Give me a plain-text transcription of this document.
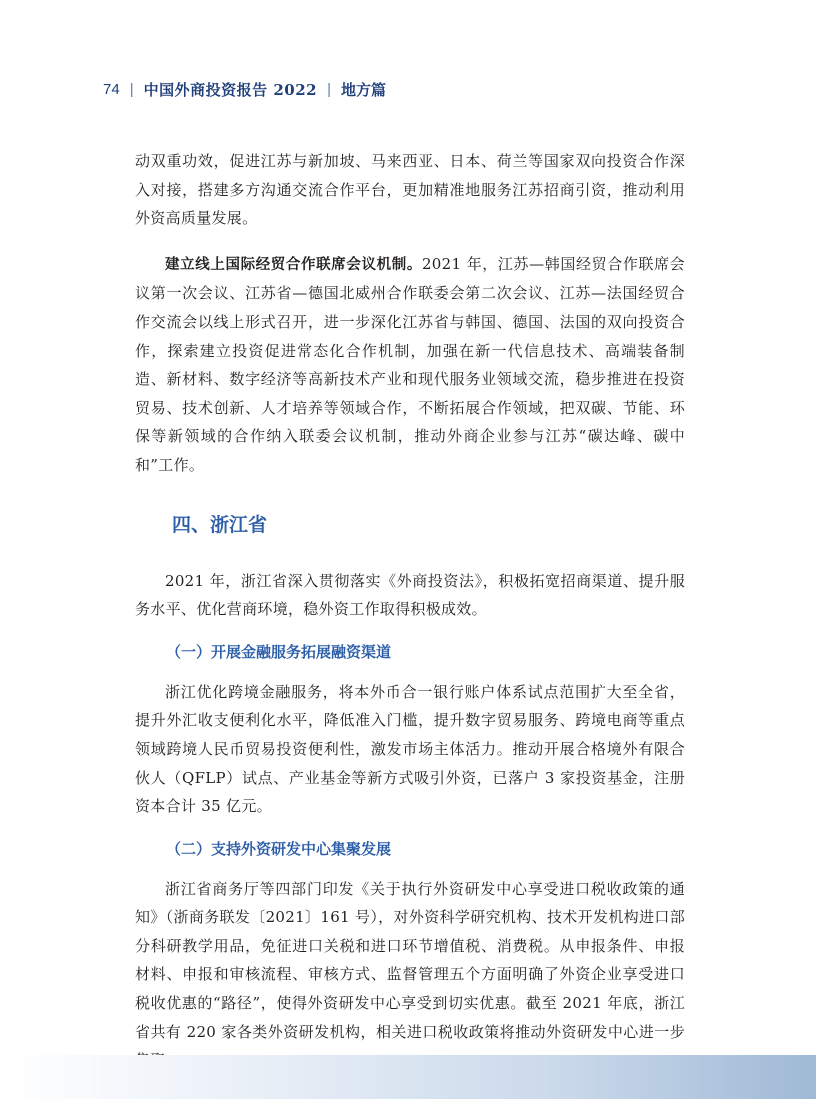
74 | 中国外商投资报告 2022 | 地方篇

动双重功效，促进江苏与新加坡、马来西亚、日本、荷兰等国家双向投资合作深入对接，搭建多方沟通交流合作平台，更加精准地服务江苏招商引资，推动利用外资高质量发展。

建立线上国际经贸合作联席会议机制。2021 年，江苏—韩国经贸合作联席会议第一次会议、江苏省—德国北威州合作联委会第二次会议、江苏—法国经贸合作交流会以线上形式召开，进一步深化江苏省与韩国、德国、法国的双向投资合作，探索建立投资促进常态化合作机制，加强在新一代信息技术、高端装备制造、新材料、数字经济等高新技术产业和现代服务业领域交流，稳步推进在投资贸易、技术创新、人才培养等领域合作，不断拓展合作领域，把双碳、节能、环保等新领域的合作纳入联委会议机制，推动外商企业参与江苏“碳达峰、碳中和”工作。

四、浙江省

2021 年，浙江省深入贯彻落实《外商投资法》，积极拓宽招商渠道、提升服务水平、优化营商环境，稳外资工作取得积极成效。

（一）开展金融服务拓展融资渠道

浙江优化跨境金融服务，将本外币合一银行账户体系试点范围扩大至全省，提升外汇收支便利化水平，降低准入门槛，提升数字贸易服务、跨境电商等重点领域跨境人民币贸易投资便利性，激发市场主体活力。推动开展合格境外有限合伙人（QFLP）试点、产业基金等新方式吸引外资，已落户 3 家投资基金，注册资本合计 35 亿元。

（二）支持外资研发中心集聚发展

浙江省商务厅等四部门印发《关于执行外资研发中心享受进口税收政策的通知》（浙商务联发〔2021〕161 号），对外资科学研究机构、技术开发机构进口部分科研教学用品，免征进口关税和进口环节增值税、消费税。从申报条件、申报材料、申报和审核流程、审核方式、监督管理五个方面明确了外资企业享受进口税收优惠的“路径”，使得外资研发中心享受到切实优惠。截至 2021 年底，浙江省共有 220 家各类外资研发机构，相关进口税收政策将推动外资研发中心进一步
